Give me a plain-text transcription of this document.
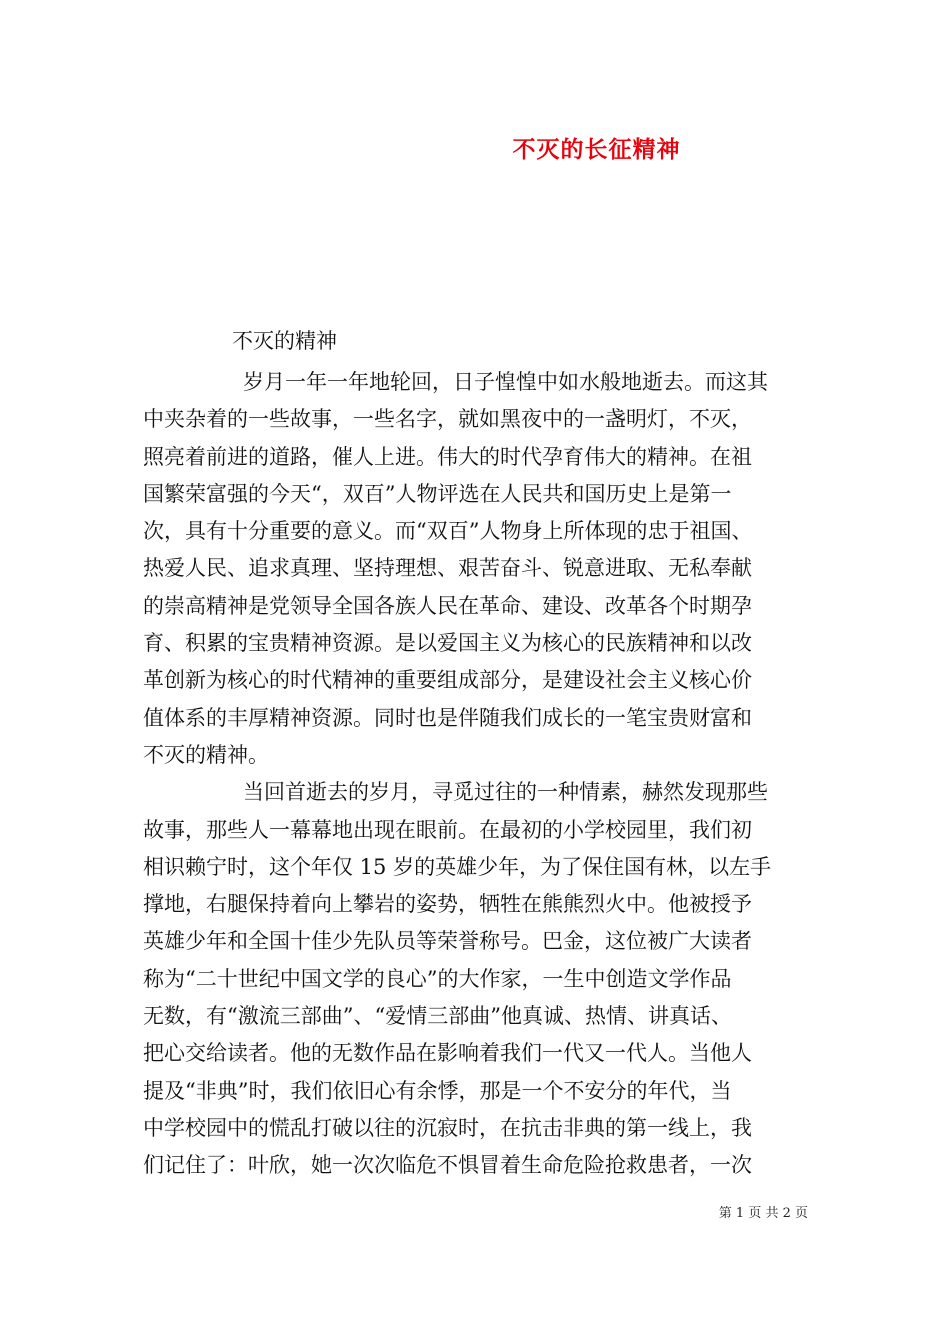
不灭的长征精神

不灭的精神

岁月一年一年地轮回，日子惶惶中如水般地逝去。而这其
中夹杂着的一些故事，一些名字，就如黑夜中的一盏明灯，不灭，
照亮着前进的道路，催人上进。伟大的时代孕育伟大的精神。在祖
国繁荣富强的今天“，双百”人物评选在人民共和国历史上是第一
次，具有十分重要的意义。而“双百”人物身上所体现的忠于祖国、
热爱人民、追求真理、坚持理想、艰苦奋斗、锐意进取、无私奉献
的崇高精神是党领导全国各族人民在革命、建设、改革各个时期孕
育、积累的宝贵精神资源。是以爱国主义为核心的民族精神和以改
革创新为核心的时代精神的重要组成部分，是建设社会主义核心价
值体系的丰厚精神资源。同时也是伴随我们成长的一笔宝贵财富和
不灭的精神。
当回首逝去的岁月，寻觅过往的一种情素，赫然发现那些
故事，那些人一幕幕地出现在眼前。在最初的小学校园里，我们初
相识赖宁时，这个年仅 15 岁的英雄少年，为了保住国有林，以左手
撑地，右腿保持着向上攀岩的姿势，牺牲在熊熊烈火中。他被授予
英雄少年和全国十佳少先队员等荣誉称号。巴金，这位被广大读者
称为“二十世纪中国文学的良心”的大作家，一生中创造文学作品
无数，有“激流三部曲”、“爱情三部曲”他真诚、热情、讲真话、
把心交给读者。他的无数作品在影响着我们一代又一代人。当他人
提及“非典”时，我们依旧心有余悸，那是一个不安分的年代，当
中学校园中的慌乱打破以往的沉寂时，在抗击非典的第一线上，我
们记住了：叶欣，她一次次临危不惧冒着生命危险抢救患者，一次
第 1 页 共 2 页
